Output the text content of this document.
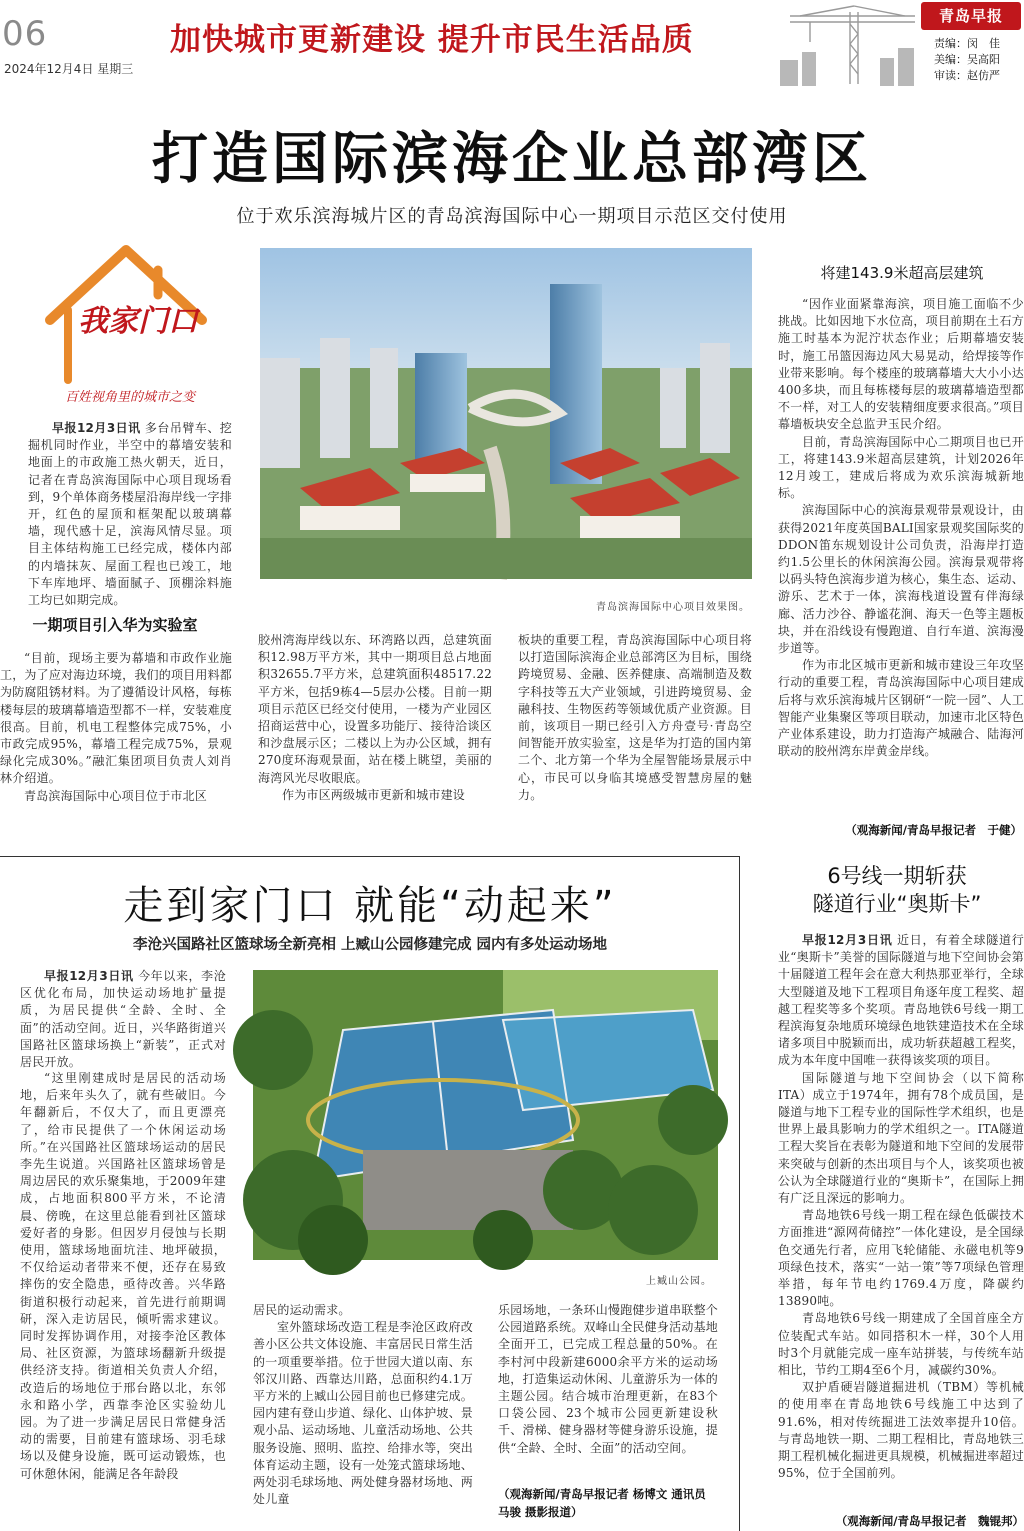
06
2024年12月4日 星期三
加快城市更新建设 提升市民生活品质
青岛早报
责编：闵　佳
美编：吴高阳
审读：赵仿严
打造国际滨海企业总部湾区
位于欢乐滨海城片区的青岛滨海国际中心一期项目示范区交付使用
我家门口
百姓视角里的城市之变
青岛滨海国际中心项目效果图。

早报12月3日讯 多台吊臂车、挖掘机同时作业，半空中的幕墙安装和地面上的市政施工热火朝天，近日，记者在青岛滨海国际中心项目现场看到，9个单体商务楼屋沿海岸线一字排开，红色的屋顶和框架配以玻璃幕墙，现代感十足，滨海风情尽显。项目主体结构施工已经完成，楼体内部的内墙抹灰、屋面工程也已竣工，地下车库地坪、墙面腻子、顶棚涂料施工均已如期完成。

一期项目引入华为实验室

“目前，现场主要为幕墙和市政作业施工，为了应对海边环境，我们的项目用料都为防腐阻锈材料。为了遵循设计风格，每栋楼每层的玻璃幕墙造型都不一样，安装难度很高。目前，机电工程整体完成75%，小市政完成95%，幕墙工程完成75%，景观绿化完成30%。”融汇集团项目负责人刘肖林介绍道。

青岛滨海国际中心项目位于市北区

胶州湾海岸线以东、环湾路以西，总建筑面积12.98万平方米，其中一期项目总占地面积32655.7平方米，总建筑面积48517.22平方米，包括9栋4—5层办公楼。目前一期项目示范区已经交付使用，一楼为产业园区招商运营中心，设置多功能厅、接待洽谈区和沙盘展示区；二楼以上为办公区域，拥有270度环海观景面，站在楼上眺望，美丽的海湾风光尽收眼底。

作为市区两级城市更新和城市建设

板块的重要工程，青岛滨海国际中心项目将以打造国际滨海企业总部湾区为目标，围绕跨境贸易、金融、医养健康、高端制造及数字科技等五大产业领域，引进跨境贸易、金融科技、生物医药等领域优质产业资源。目前，该项目一期已经引入方舟壹号·青岛空间智能开放实验室，这是华为打造的国内第二个、北方第一个华为全屋智能场景展示中心，市民可以身临其境感受智慧房屋的魅力。

将建143.9米超高层建筑

“因作业面紧靠海滨，项目施工面临不少挑战。比如因地下水位高，项目前期在土石方施工时基本为泥泞状态作业；后期幕墙安装时，施工吊篮因海边风大易晃动，给焊接等作业带来影响。每个楼座的玻璃幕墙大大小小达400多块，而且每栋楼每层的玻璃幕墙造型都不一样，对工人的安装精细度要求很高。”项目幕墙板块安全总监尹玉民介绍。

目前，青岛滨海国际中心二期项目也已开工，将建143.9米超高层建筑，计划2026年12月竣工，建成后将成为欢乐滨海城新地标。

滨海国际中心的滨海景观带景观设计，由获得2021年度英国BALI国家景观奖国际奖的DDON笛东规划设计公司负责，沿海岸打造约1.5公里长的休闲滨海公园。滨海景观带将以码头特色滨海步道为核心，集生态、运动、游乐、艺术于一体，滨海栈道设置有伴海绿廊、活力沙谷、静谧花涧、海天一色等主题板块，并在沿线设有慢跑道、自行车道、滨海漫步道等。

作为市北区城市更新和城市建设三年攻坚行动的重要工程，青岛滨海国际中心项目建成后将与欢乐滨海城片区钢研“一院一园”、人工智能产业集聚区等项目联动，加速市北区特色产业体系建设，助力打造海产城融合、陆海河联动的胶州湾东岸黄金岸线。

（观海新闻/青岛早报记者　于健）
走到家门口 就能“动起来”
李沧兴国路社区篮球场全新亮相 上臧山公园修建完成 园内有多处运动场地
上臧山公园。

早报12月3日讯 今年以来，李沧区优化布局，加快运动场地扩量提质，为居民提供“全龄、全时、全面”的活动空间。近日，兴华路街道兴国路社区篮球场换上“新装”，正式对居民开放。

“这里刚建成时是居民的活动场地，后来年头久了，就有些破旧。今年翻新后，不仅大了，而且更漂亮了，给市民提供了一个休闲运动场所。”在兴国路社区篮球场运动的居民李先生说道。兴国路社区篮球场曾是周边居民的欢乐聚集地，于2009年建成，占地面积800平方米，不论清晨、傍晚，在这里总能看到社区篮球爱好者的身影。但因岁月侵蚀与长期使用，篮球场地面坑洼、地坪破损，不仅给运动者带来不便，还存在易致摔伤的安全隐患，亟待改善。兴华路街道积极行动起来，首先进行前期调研，深入走访居民，倾听需求建议。同时发挥协调作用，对接李沧区教体局、社区资源，为篮球场翻新升级提供经济支持。街道相关负责人介绍，改造后的场地位于邢台路以北，东邻永和路小学，西靠李沧区实验幼儿园。为了进一步满足居民日常健身活动的需要，目前建有篮球场、羽毛球场以及健身设施，既可运动锻炼，也可休憩休闲，能满足各年龄段

居民的运动需求。

室外篮球场改造工程是李沧区政府改善小区公共文体设施、丰富居民日常生活的一项重要举措。位于世园大道以南、东邻汉川路、西靠达川路，总面积约4.1万平方米的上臧山公园目前也已修建完成。园内建有登山步道、绿化、山体护坡、景观小品、运动场地、儿童活动场地、公共服务设施、照明、监控、给排水等，突出体育运动主题，设有一处笼式篮球场地、两处羽毛球场地、两处健身器材场地、两处儿童

乐园场地，一条环山慢跑健步道串联整个公园道路系统。双峰山全民健身活动基地全面开工，已完成工程总量的50%。在李村河中段新建6000余平方米的运动场地，打造集运动休闲、儿童游乐为一体的主题公园。结合城市治理更新，在83个口袋公园、23个城市公园更新建设秋千、滑梯、健身器材等健身游乐设施，提供“全龄、全时、全面”的活动空间。

（观海新闻/青岛早报记者 杨博文 通讯员 马骏 摄影报道）
6号线一期斩获
隧道行业“奥斯卡”

早报12月3日讯 近日，有着全球隧道行业“奥斯卡”美誉的国际隧道与地下空间协会第十届隧道工程年会在意大利热那亚举行，全球大型隧道及地下工程项目角逐年度工程奖、超越工程奖等多个奖项。青岛地铁6号线一期工程滨海复杂地质环境绿色地铁建造技术在全球诸多项目中脱颖而出，成功斩获超越工程奖，成为本年度中国唯一获得该奖项的项目。

国际隧道与地下空间协会（以下简称ITA）成立于1974年，拥有78个成员国，是隧道与地下工程专业的国际性学术组织，也是世界上最具影响力的学术组织之一。ITA隧道工程大奖旨在表彰为隧道和地下空间的发展带来突破与创新的杰出项目与个人，该奖项也被公认为全球隧道行业的“奥斯卡”，在国际上拥有广泛且深远的影响力。

青岛地铁6号线一期工程在绿色低碳技术方面推进“源网荷储控”一体化建设，是全国绿色交通先行者，应用飞轮储能、永磁电机等9项绿色技术，落实“一站一策”等7项绿色管理举措，每年节电约1769.4万度，降碳约13890吨。

青岛地铁6号线一期建成了全国首座全方位装配式车站。如同搭积木一样，30个人用时3个月就能完成一座车站拼装，与传统车站相比，节约工期4至6个月，减碳约30%。

双护盾硬岩隧道掘进机（TBM）等机械的使用率在青岛地铁6号线施工中达到了91.6%，相对传统掘进工法效率提升10倍。与青岛地铁一期、二期工程相比，青岛地铁三期工程机械化掘进更具规模，机械掘进率超过95%，位于全国前列。

（观海新闻/青岛早报记者　魏锟邦）
